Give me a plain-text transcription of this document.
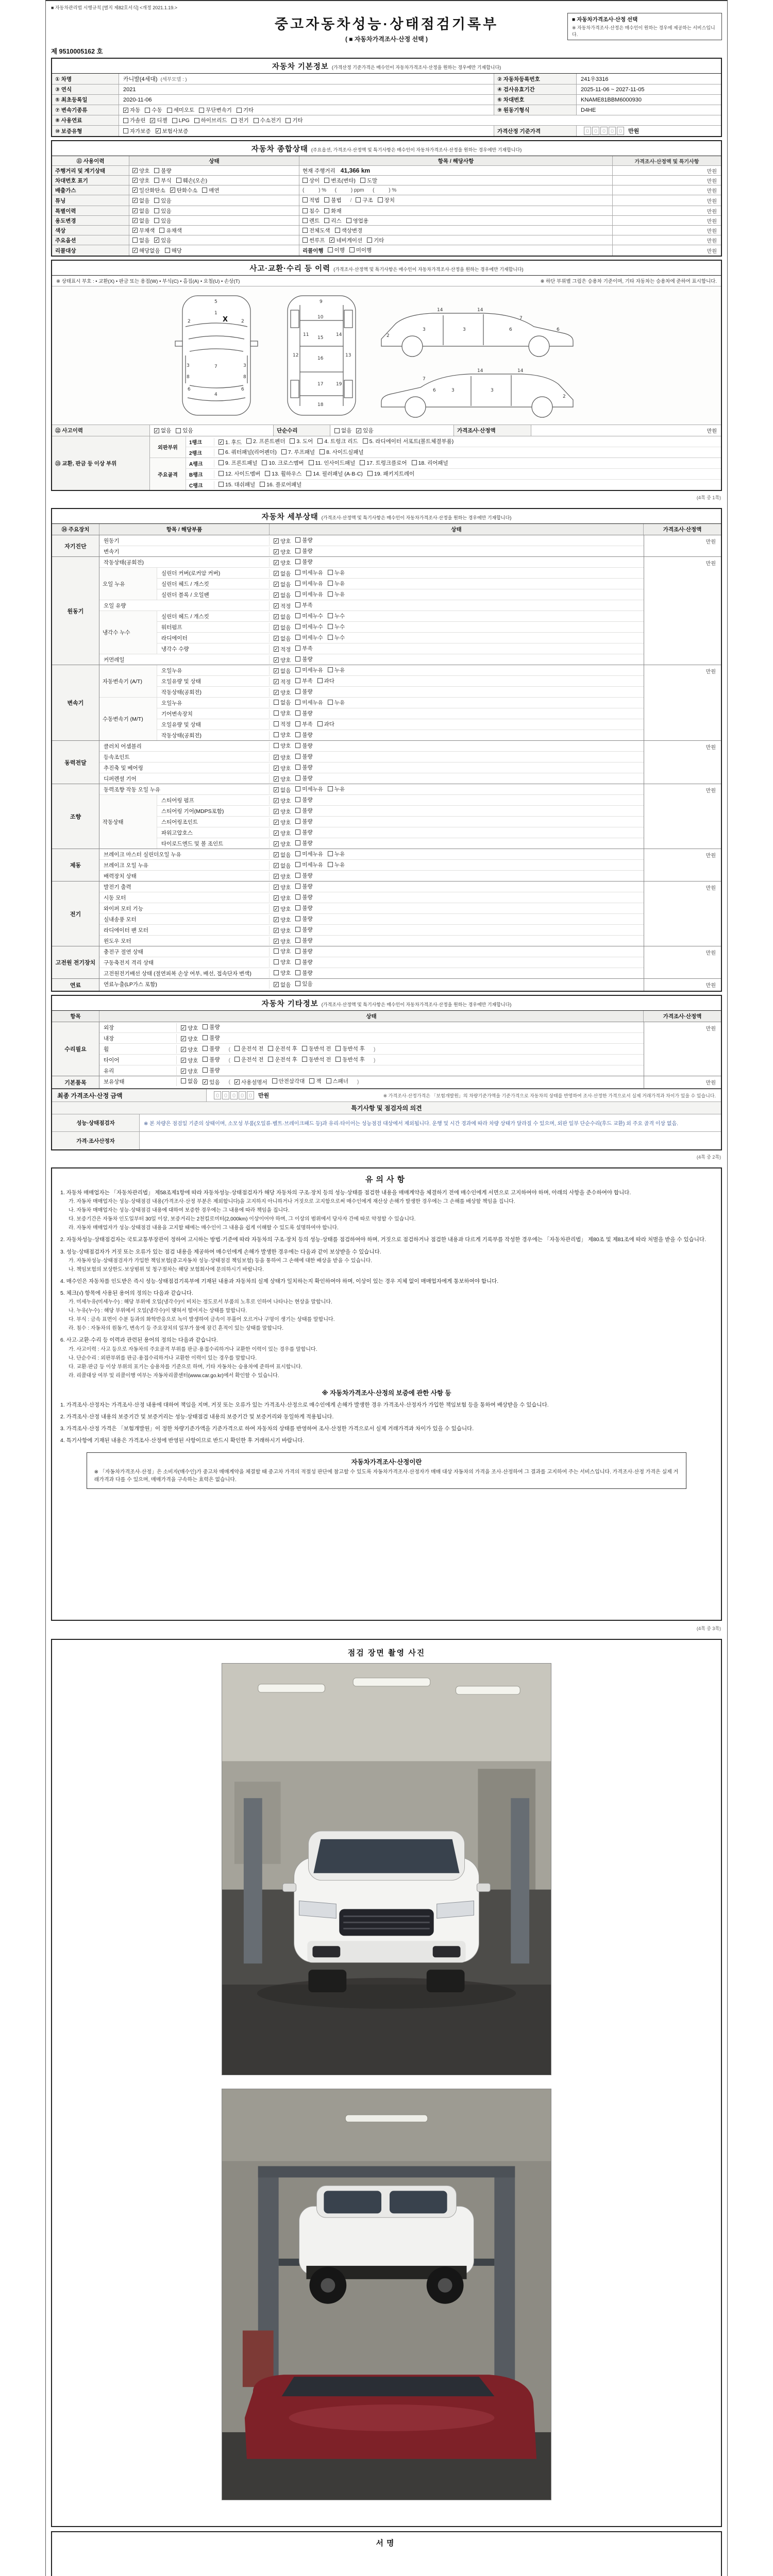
■ 자동차관리법 시행규칙 [별지 제82호서식] <개정 2021.1.19.>
중고자동차성능·상태점검기록부
( ■ 자동차가격조사·산정 선택 )
■ 자동차가격조사·산정 선택
※ 자동차가격조사·산정은 매수인이 원하는 경우에 제공하는 서비스입니다.
제 9510005162 호
자동차 기본정보 (가격산정 기준가격은 매수인이 자동차가격조사·산정을 원하는 경우에만 기재합니다)
① 차명	카니발(4세대) (세부모델 : )	② 자동차등록번호	241우3316
③ 연식	2021	④ 검사유효기간	2025-11-06 ~ 2027-11-05
⑤ 최초등록일	2020-11-06	⑥ 차대번호	KNAME81BBM6000930
⑦ 변속기종류	✓ 자동 수동 세미오토 무단변속기 기타	⑨ 원동기형식	D4HE
⑧ 사용연료	가솔린 ✓ 디젤 LPG 하이브리드 전기 수소전기 기타
⑩ 보증유형	자가보증 ✓ 보험사보증	가격산정 기준가격	0 0 0 0 0	만원
자동차 종합상태 (주요옵션, 가격조사·산정액 및 특기사항은 매수인이 자동차가격조사·산정을 원하는 경우에만 기재합니다)
⑪ 사용이력	상태	항목 / 해당사항	가격조사·산정액 및 특기사항
주행거리 및 계기상태	✓ 양호 불량	현재 주행거리 41,366 km	만원
차대번호 표기	✓ 양호 부식 훼손(오손)	상이 변조(변타) 도말	만원
배출가스	✓ 일산화탄소 ✓ 탄화수소 매연	(          ) %      (          ) ppm      (          ) %	만원
튜닝	✓ 없음 있음	적법 불법 / 구조 장치	만원
특별이력	✓ 없음 있음	침수 화재	만원
용도변경	✓ 없음 있음	렌트 리스 영업용	만원
색상	✓ 무채색 유채색	전체도색 색상변경	만원
주요옵션	없음 ✓ 있음	썬루프 ✓ 네비게이션 기타	만원
리콜대상	✓ 해당없음 해당	리콜이행 이행 미이행	만원
사고·교환·수리 등 이력 (가격조사·산정액 및 특기사항은 매수인이 자동차가격조사·산정을 원하는 경우에만 기재합니다)
※ 상태표시 부호 : • 교환(X) • 판금 또는 용접(W) • 부식(C) • 흠집(A) • 요철(U) • 손상(T)	※ 하단 부위별 그림은 승용차 기준이며, 기타 자동차는 승용차에 준하여 표시합니다.
1
2	2
3	3
4
5
6	6
7
8	8
X
9
10
11
12	13
16
15
17
18
14
19
3	3	6
14	14
7
2
6
3	3
6
14	14
7
2
⑫ 사고이력	✓ 없음 있음	단순수리	없음 ✓ 있음	가격조사·산정액	만원
⑬ 교환, 판금 등 이상 부위
외판부위
1랭크	✓ 1. 후드 2. 프론트펜더 3. 도어 4. 트렁크 리드 5. 라디에이터 서포트(볼트체결부품)
2랭크	6. 쿼터패널(리어펜더) 7. 루프패널 8. 사이드실패널
주요골격
A랭크	9. 프론트패널 10. 크로스멤버 11. 인사이드패널 17. 트렁크플로어 18. 리어패널
B랭크	12. 사이드멤버 13. 휠하우스 14. 필러패널 (A·B·C) 19. 패키지트레이
C랭크	15. 대쉬패널 16. 플로어패널
(4쪽 중 1쪽)
자동차 세부상태 (가격조사·산정액 및 특기사항은 매수인이 자동차가격조사·산정을 원하는 경우에만 기재합니다)
⑭ 주요장치	항목 / 해당부품	상태	가격조사·산정액
자기진단
원동기	✓ 양호 불량
변속기	✓ 양호 불량
만원
원동기
작동상태(공회전)	✓ 양호 불량
오일 누유
실린더 커버(로커암 커버)	✓ 없음 미세누유 누유
실린더 헤드 / 개스킷	✓ 없음 미세누유 누유
실린더 블록 / 오일팬	✓ 없음 미세누유 누유
오일 유량	✓ 적정 부족
냉각수 누수
실린더 헤드 / 개스킷	✓ 없음 미세누수 누수
워터펌프	✓ 없음 미세누수 누수
라디에이터	✓ 없음 미세누수 누수
냉각수 수량	✓ 적정 부족
커먼레일	✓ 양호 불량
만원
변속기
자동변속기 (A/T)
오일누유	✓ 없음 미세누유 누유
오일유량 및 상태	✓ 적정 부족 과다
작동상태(공회전)	✓ 양호 불량
수동변속기 (M/T)
오일누유	없음 미세누유 누유
기어변속장치	양호 불량
오일유량 및 상태	적정 부족 과다
작동상태(공회전)	양호 불량
만원
동력전달
클러치 어셈블리	양호 불량
등속조인트	✓ 양호 불량
추진축 및 베어링	✓ 양호 불량
디퍼렌셜 기어	✓ 양호 불량
만원
조향
동력조향 작동 오일 누유	✓ 없음 미세누유 누유
작동상태
스티어링 펌프	✓ 양호 불량
스티어링 기어(MDPS포함)	✓ 양호 불량
스티어링조인트	✓ 양호 불량
파워고압호스	✓ 양호 불량
타이로드엔드 및 볼 조인트	✓ 양호 불량
만원
제동
브레이크 마스터 실린더오일 누유	✓ 없음 미세누유 누유
브레이크 오일 누유	✓ 없음 미세누유 누유
배력장치 상태	✓ 양호 불량
만원
전기
발전기 출력	✓ 양호 불량
시동 모터	✓ 양호 불량
와이퍼 모터 기능	✓ 양호 불량
실내송풍 모터	✓ 양호 불량
라디에이터 팬 모터	✓ 양호 불량
윈도우 모터	✓ 양호 불량
만원
고전원 전기장치
충전구 절연 상태	양호 불량
구동축전지 격리 상태	양호 불량
고전원전기배선 상태 (절연피복 손상 여부, 배선, 접속단자 변색)	양호 불량
만원
연료	연료누출(LP가스 포함)	✓ 없음 있음	만원
자동차 기타정보 (가격조사·산정액 및 특기사항은 매수인이 자동차가격조사·산정을 원하는 경우에만 기재합니다)
항목	상태	가격조사·산정액
수리필요
외장	✓ 양호 불량
내장	✓ 양호 불량
휠	✓ 양호 불량 ( 운전석 전 운전석 후 동반석 전 동반석 후 )
타이어	✓ 양호 불량 ( 운전석 전 운전석 후 동반석 전 동반석 후 )
유리	✓ 양호 불량
만원
기본품목	보유상태	없음 ✓ 있음 ( ✓ 사용설명서 안전삼각대 잭 스패너 )	만원
최종 가격조사·산정 금액	0 0 0 0 0	만원	※ 가격조사·산정가격은 「보험개발원」의 차량기준가액을 기준가격으로 자동차의 상태를 반영하여 조사·산정한 가격으로서 실제 거래가격과 차이가 있을 수 있습니다.
특기사항 및 점검자의 의견
성능·상태점검자	※ 본 차량은 점검일 기준의 상태이며, 소모성 부품(오일류·벨트·브레이크패드 등)과 유리·타이어는 성능점검 대상에서 제외됩니다. 운행 및 시간 경과에 따라 차량 상태가 달라질 수 있으며, 외판 일부 단순수리(후드 교환) 외 주요 골격 이상 없음.
가격·조사산정자
(4쪽 중 2쪽)
유의사항
1. 자동차 매매업자는 「자동차관리법」 제58조제1항에 따라 자동차성능·상태점검자가 해당 자동차의 구조·장치 등의 성능·상태를 점검한 내용을 매매계약을 체결하기 전에 매수인에게 서면으로 고지하여야 하며, 아래의 사항을 준수하여야 합니다.
가. 자동차 매매업자는 성능·상태점검 내용(가격조사·산정 부분은 제외합니다)을 고지하지 아니하거나 거짓으로 고지함으로써 매수인에게 재산상 손해가 발생한 경우에는 그 손해를 배상할 책임을 집니다.
나. 자동차 매매업자는 성능·상태점검 내용에 대하여 보증한 경우에는 그 내용에 따라 책임을 집니다.
다. 보증기간은 자동차 인도일부터 30일 이상, 보증거리는 2천킬로미터(2,000km) 이상이어야 하며, 그 이상의 범위에서 당사자 간에 따로 약정할 수 있습니다.
라. 자동차 매매업자가 성능·상태점검 내용을 고지할 때에는 매수인이 그 내용을 쉽게 이해할 수 있도록 설명하여야 합니다.
2. 자동차성능·상태점검자는 국토교통부장관이 정하여 고시하는 방법·기준에 따라 자동차의 구조·장치 등의 성능·상태를 점검하여야 하며, 거짓으로 점검하거나 점검한 내용과 다르게 기록부를 작성한 경우에는 「자동차관리법」 제80조 및 제81조에 따라 처벌을 받을 수 있습니다.
3. 성능·상태점검자가 거짓 또는 오류가 있는 점검 내용을 제공하여 매수인에게 손해가 발생한 경우에는 다음과 같이 보상받을 수 있습니다.
가. 자동차성능·상태점검자가 가입한 책임보험(중고자동차 성능·상태점검 책임보험) 등을 통하여 그 손해에 대한 배상을 받을 수 있습니다.
나. 책임보험의 보상한도·보상범위 및 청구절차는 해당 보험회사에 문의하시기 바랍니다.
4. 매수인은 자동차를 인도받은 즉시 성능·상태점검기록부에 기재된 내용과 자동차의 실제 상태가 일치하는지 확인하여야 하며, 이상이 있는 경우 지체 없이 매매업자에게 통보하여야 합니다.
5. 체크(√) 항목에 사용된 용어의 정의는 다음과 같습니다.
가. 미세누유(미세누수) : 해당 부위에 오일(냉각수)이 비치는 정도로서 부품의 노후로 인하여 나타나는 현상을 말합니다.
나. 누유(누수) : 해당 부위에서 오일(냉각수)이 맺혀서 떨어지는 상태를 말합니다.
다. 부식 : 금속 표면이 수분 등과의 화학반응으로 녹이 발생하여 금속이 부풀어 오르거나 구멍이 생기는 상태를 말합니다.
라. 침수 : 자동차의 원동기, 변속기 등 주요장치의 일부가 물에 잠긴 흔적이 있는 상태를 말합니다.
6. 사고·교환·수리 등 이력과 관련된 용어의 정의는 다음과 같습니다.
가. 사고이력 : 사고 등으로 자동차의 주요골격 부위를 판금·용접수리하거나 교환한 이력이 있는 경우를 말합니다.
나. 단순수리 : 외판부위를 판금·용접수리하거나 교환한 이력이 있는 경우를 말합니다.
다. 교환·판금 등 이상 부위의 표기는 승용차를 기준으로 하며, 기타 자동차는 승용차에 준하여 표시합니다.
라. 리콜대상 여부 및 리콜이행 여부는 자동차리콜센터(www.car.go.kr)에서 확인할 수 있습니다.
※ 자동차가격조사·산정의 보증에 관한 사항 등
1. 가격조사·산정자는 가격조사·산정 내용에 대하여 책임을 지며, 거짓 또는 오류가 있는 가격조사·산정으로 매수인에게 손해가 발생한 경우 가격조사·산정자가 가입한 책임보험 등을 통하여 배상받을 수 있습니다.
2. 가격조사·산정 내용의 보증기간 및 보증거리는 성능·상태점검 내용의 보증기간 및 보증거리와 동일하게 적용됩니다.
3. 가격조사·산정 가격은 「보험개발원」이 정한 차량기준가액을 기준가격으로 하여 자동차의 상태를 반영하여 조사·산정한 가격으로서 실제 거래가격과 차이가 있을 수 있습니다.
4. 특기사항에 기재된 내용은 가격조사·산정에 반영된 사항이므로 반드시 확인한 후 거래하시기 바랍니다.
자동차가격조사·산정이란
※ 「자동차가격조사·산정」은 소비자(매수인)가 중고차 매매계약을 체결할 때 중고차 가격의 적절성 판단에 참고할 수 있도록 자동차가격조사·산정자가 매매 대상 자동차의 가격을 조사·산정하여 그 결과를 고지하여 주는 서비스입니다. 가격조사·산정 가격은 실제 거래가격과 다를 수 있으며, 매매가격을 구속하는 효력은 없습니다.
(4쪽 중 3쪽)
점검 장면 촬영 사진
서명
